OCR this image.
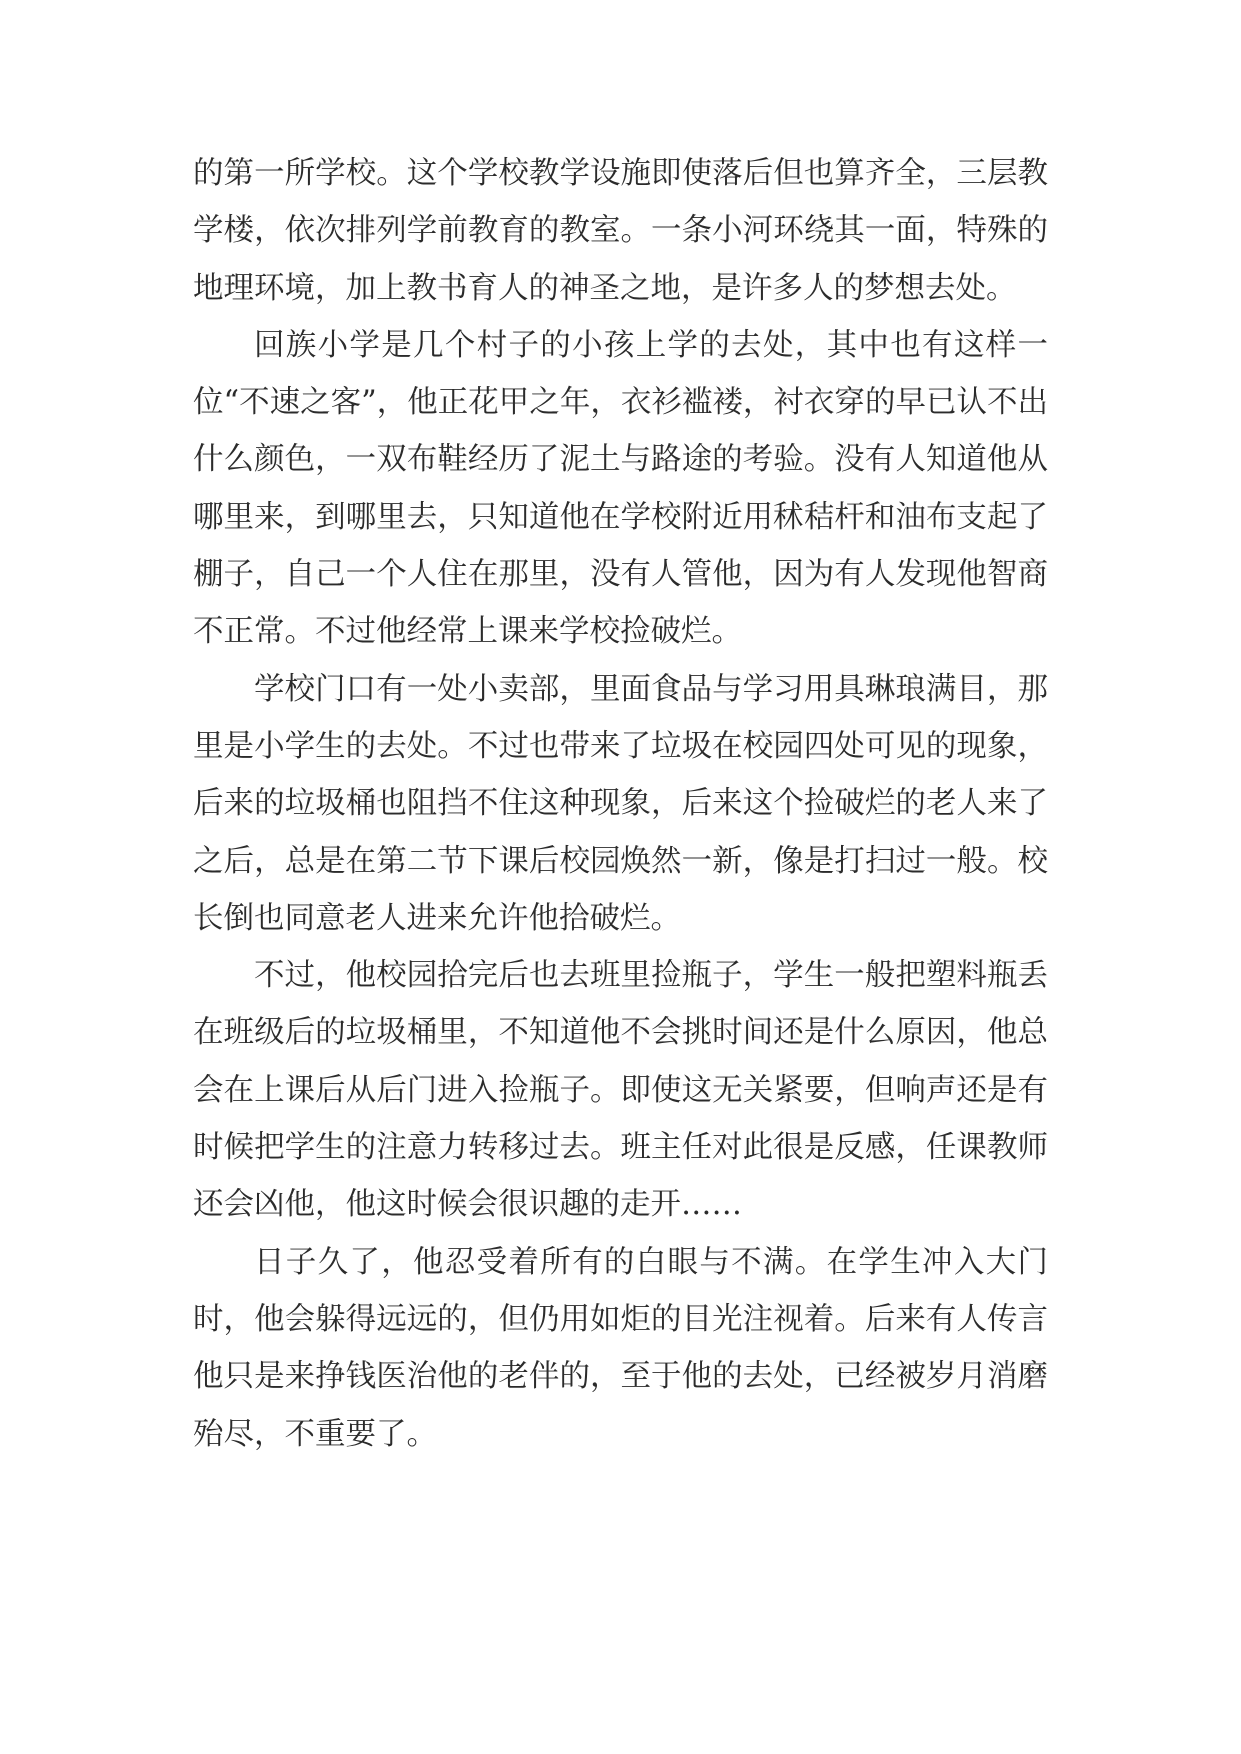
的第一所学校。这个学校教学设施即使落后但也算齐全，三层教学楼，依次排列学前教育的教室。一条小河环绕其一面，特殊的地理环境，加上教书育人的神圣之地，是许多人的梦想去处。

回族小学是几个村子的小孩上学的去处，其中也有这样一位“不速之客”，他正花甲之年，衣衫褴褛，衬衣穿的早已认不出什么颜色，一双布鞋经历了泥土与路途的考验。没有人知道他从哪里来，到哪里去，只知道他在学校附近用秫秸杆和油布支起了棚子，自己一个人住在那里，没有人管他，因为有人发现他智商不正常。不过他经常上课来学校捡破烂。

学校门口有一处小卖部，里面食品与学习用具琳琅满目，那里是小学生的去处。不过也带来了垃圾在校园四处可见的现象，后来的垃圾桶也阻挡不住这种现象，后来这个捡破烂的老人来了之后，总是在第二节下课后校园焕然一新，像是打扫过一般。校长倒也同意老人进来允许他拾破烂。

不过，他校园拾完后也去班里捡瓶子，学生一般把塑料瓶丢在班级后的垃圾桶里，不知道他不会挑时间还是什么原因，他总会在上课后从后门进入捡瓶子。即使这无关紧要，但响声还是有时候把学生的注意力转移过去。班主任对此很是反感，任课教师还会凶他，他这时候会很识趣的走开……

日子久了，他忍受着所有的白眼与不满。在学生冲入大门时，他会躲得远远的，但仍用如炬的目光注视着。后来有人传言他只是来挣钱医治他的老伴的，至于他的去处，已经被岁月消磨殆尽，不重要了。
